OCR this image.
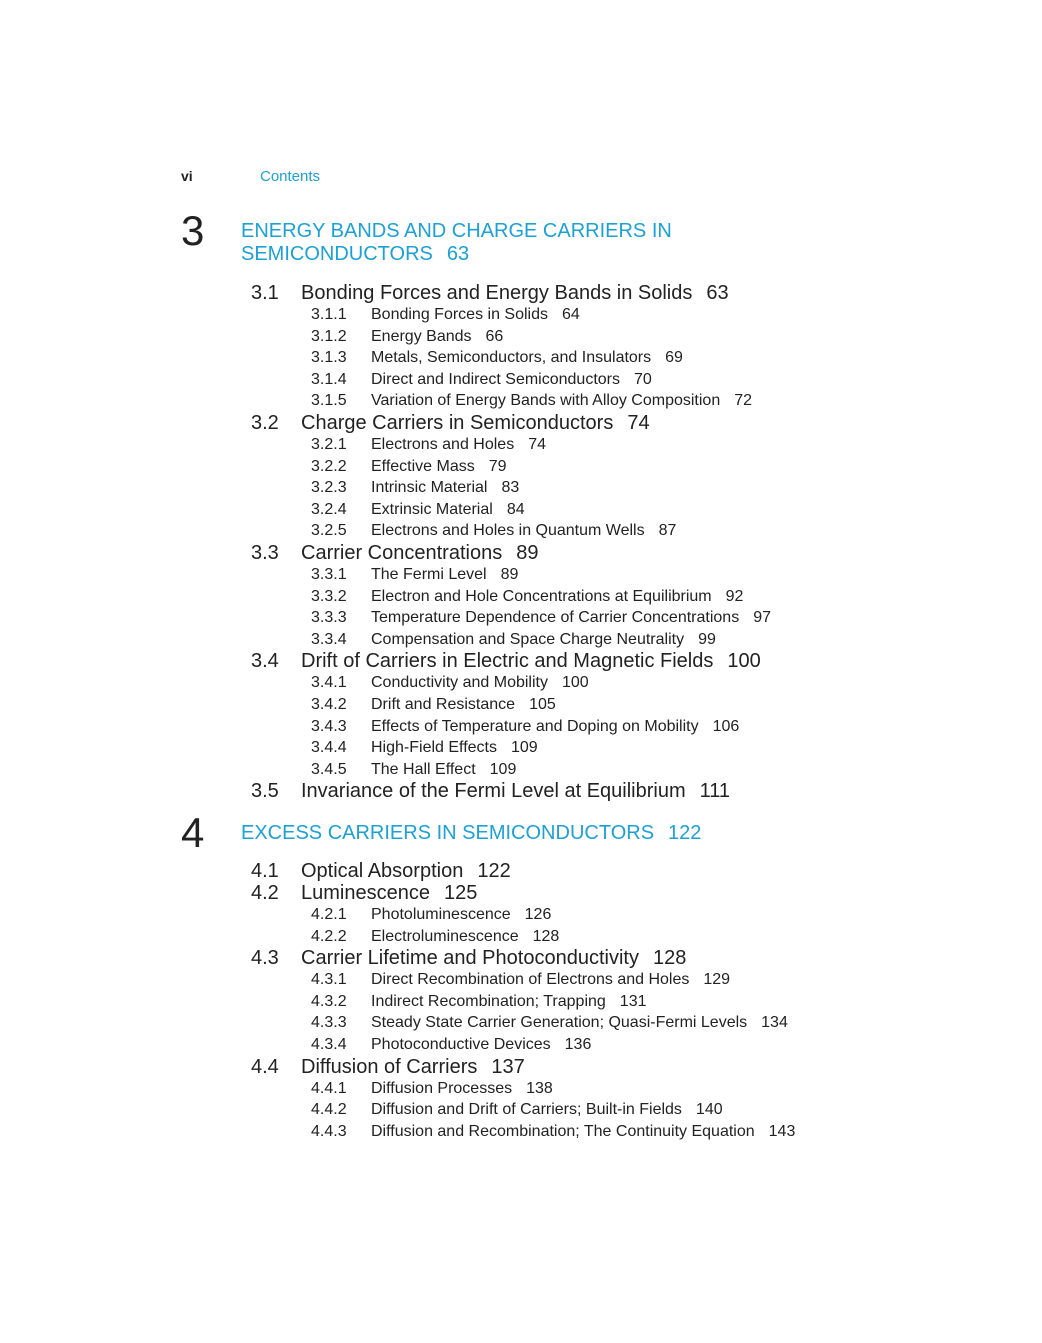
vi	Contents
3 ENERGY BANDS AND CHARGE CARRIERS IN
SEMICONDUCTORS 63
3.1 Bonding Forces and Energy Bands in Solids 63
3.1.1 Bonding Forces in Solids 64
3.1.2 Energy Bands 66
3.1.3 Metals, Semiconductors, and Insulators 69
3.1.4 Direct and Indirect Semiconductors 70
3.1.5 Variation of Energy Bands with Alloy Composition 72
3.2 Charge Carriers in Semiconductors 74
3.2.1 Electrons and Holes 74
3.2.2 Effective Mass 79
3.2.3 Intrinsic Material 83
3.2.4 Extrinsic Material 84
3.2.5 Electrons and Holes in Quantum Wells 87
3.3 Carrier Concentrations 89
3.3.1 The Fermi Level 89
3.3.2 Electron and Hole Concentrations at Equilibrium 92
3.3.3 Temperature Dependence of Carrier Concentrations 97
3.3.4 Compensation and Space Charge Neutrality 99
3.4 Drift of Carriers in Electric and Magnetic Fields 100
3.4.1 Conductivity and Mobility 100
3.4.2 Drift and Resistance 105
3.4.3 Effects of Temperature and Doping on Mobility 106
3.4.4 High-Field Effects 109
3.4.5 The Hall Effect 109
3.5 Invariance of the Fermi Level at Equilibrium 111
4 EXCESS CARRIERS IN SEMICONDUCTORS 122
4.1 Optical Absorption 122
4.2 Luminescence 125
4.2.1 Photoluminescence 126
4.2.2 Electroluminescence 128
4.3 Carrier Lifetime and Photoconductivity 128
4.3.1 Direct Recombination of Electrons and Holes 129
4.3.2 Indirect Recombination; Trapping 131
4.3.3 Steady State Carrier Generation; Quasi-Fermi Levels 134
4.3.4 Photoconductive Devices 136
4.4 Diffusion of Carriers 137
4.4.1 Diffusion Processes 138
4.4.2 Diffusion and Drift of Carriers; Built-in Fields 140
4.4.3 Diffusion and Recombination; The Continuity Equation 143
